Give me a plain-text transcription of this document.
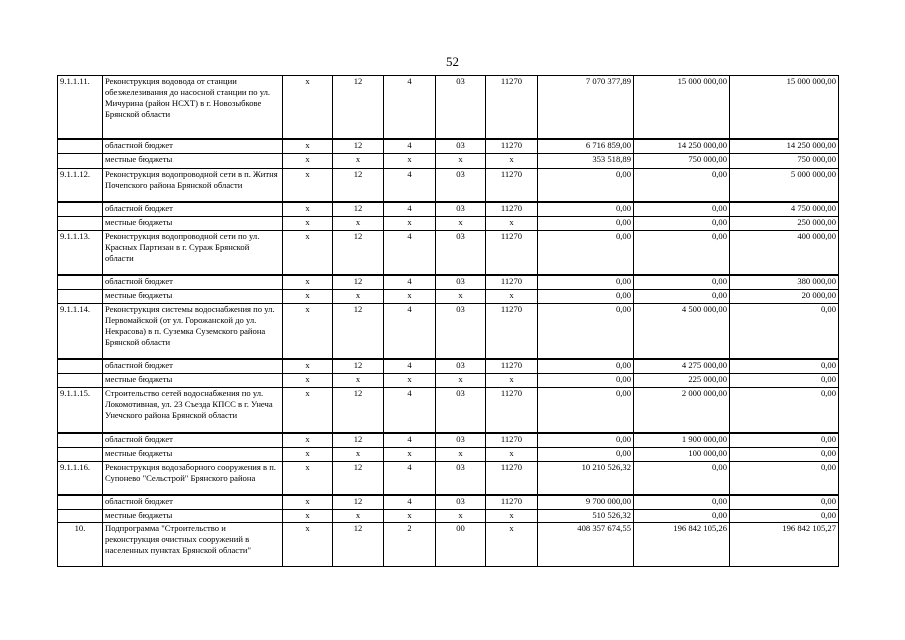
52
9.1.1.11.	Реконструкция водовода от станции обезжелезивания до насосной станции по ул. Мичурина (район НСХТ) в г. Новозыбкове Брянской области	х	12	4	03	11270	7 070 377,89	15 000 000,00	15 000 000,00
	областной бюджет	х	12	4	03	11270	6 716 859,00	14 250 000,00	14 250 000,00
	местные бюджеты	х	х	х	х	х	353 518,89	750 000,00	750 000,00
9.1.1.12.	Реконструкция водопроводной сети в п. Житня Почепского района Брянской области	х	12	4	03	11270	0,00	0,00	5 000 000,00
	областной бюджет	х	12	4	03	11270	0,00	0,00	4 750 000,00
	местные бюджеты	х	х	х	х	х	0,00	0,00	250 000,00
9.1.1.13.	Реконструкция водопроводной сети по ул. Красных Партизан в г. Сураж Брянской области	х	12	4	03	11270	0,00	0,00	400 000,00
	областной бюджет	х	12	4	03	11270	0,00	0,00	380 000,00
	местные бюджеты	х	х	х	х	х	0,00	0,00	20 000,00
9.1.1.14.	Реконструкция системы водоснабжения по ул. Первомайской (от ул. Горожанской до ул. Некрасова) в п. Суземка Суземского района Брянской области	х	12	4	03	11270	0,00	4 500 000,00	0,00
	областной бюджет	х	12	4	03	11270	0,00	4 275 000,00	0,00
	местные бюджеты	х	х	х	х	х	0,00	225 000,00	0,00
9.1.1.15.	Строительство сетей водоснабжения по ул. Локомотивная, ул. 23 Съезда КПСС в г. Унеча Унечского района Брянской области	х	12	4	03	11270	0,00	2 000 000,00	0,00
	областной бюджет	х	12	4	03	11270	0,00	1 900 000,00	0,00
	местные бюджеты	х	х	х	х	х	0,00	100 000,00	0,00
9.1.1.16.	Реконструкция водозаборного сооружения в п. Супонево "Сельстрой" Брянского района	х	12	4	03	11270	10 210 526,32	0,00	0,00
	областной бюджет	х	12	4	03	11270	9 700 000,00	0,00	0,00
	местные бюджеты	х	х	х	х	х	510 526,32	0,00	0,00
10.	Подпрограмма "Строительство и реконструкция очистных сооружений в населенных пунктах Брянской области"	х	12	2	00	х	408 357 674,55	196 842 105,26	196 842 105,27
